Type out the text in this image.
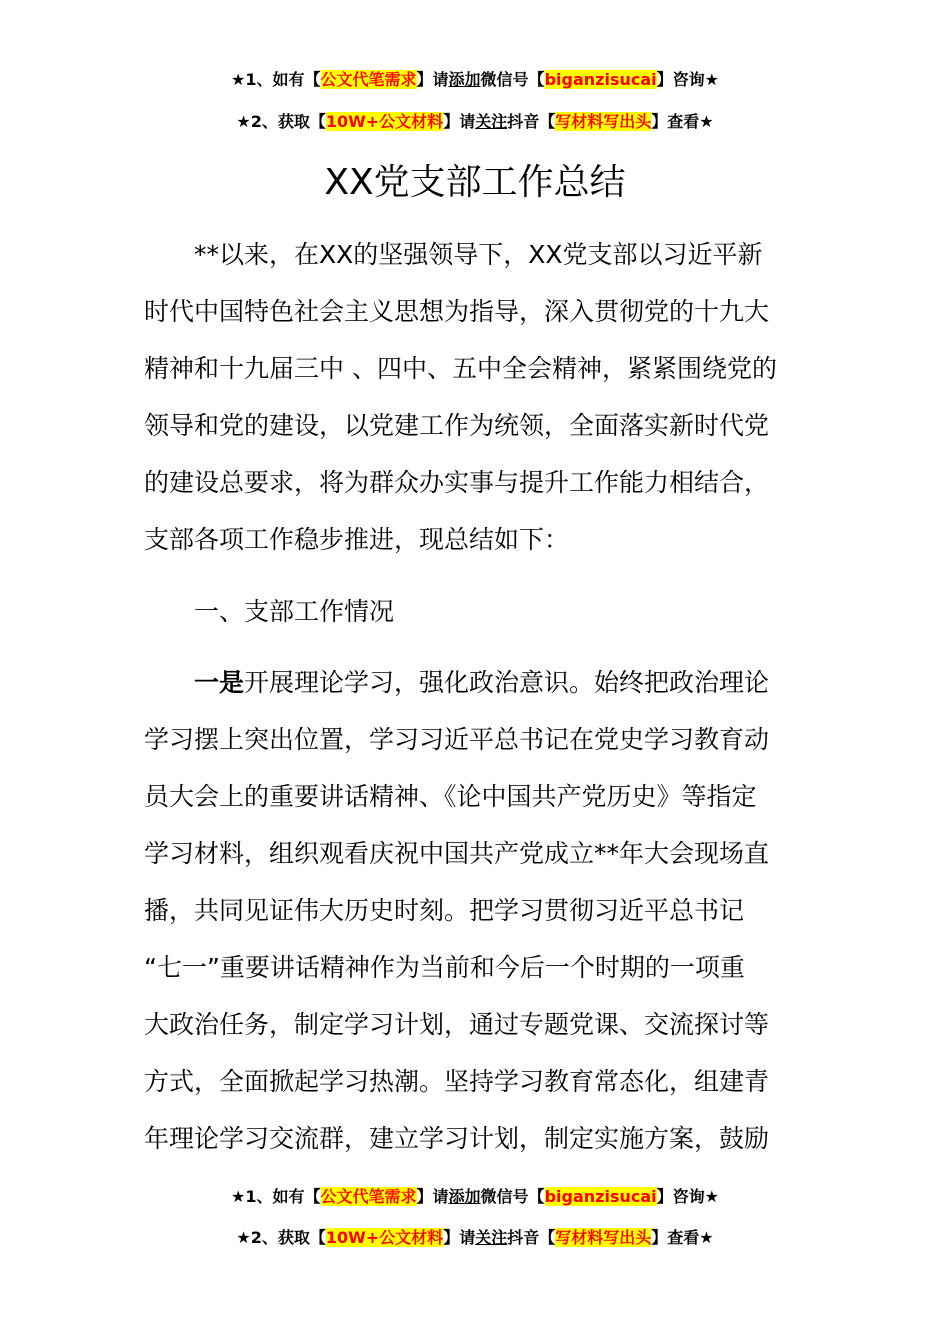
★1、如有【公文代笔需求】请添加微信号【biganzisucai】咨询★
★2、获取【10W+公文材料】请关注抖音【写材料写出头】查看★
XX党支部工作总结
**以来，在XX的坚强领导下，XX党支部以习近平新
时代中国特色社会主义思想为指导，深入贯彻党的十九大
精神和十九届三中 、四中、五中全会精神，紧紧围绕党的
领导和党的建设，以党建工作为统领，全面落实新时代党
的建设总要求，将为群众办实事与提升工作能力相结合，
支部各项工作稳步推进，现总结如下：
一、支部工作情况
一是开展理论学习，强化政治意识。始终把政治理论
学习摆上突出位置，学习习近平总书记在党史学习教育动
员大会上的重要讲话精神、《论中国共产党历史》等指定
学习材料，组织观看庆祝中国共产党成立**年大会现场直
播，共同见证伟大历史时刻。把学习贯彻习近平总书记
“七一”重要讲话精神作为当前和今后一个时期的一项重
大政治任务，制定学习计划，通过专题党课、交流探讨等
方式，全面掀起学习热潮。坚持学习教育常态化，组建青
年理论学习交流群，建立学习计划，制定实施方案，鼓励
★1、如有【公文代笔需求】请添加微信号【biganzisucai】咨询★
★2、获取【10W+公文材料】请关注抖音【写材料写出头】查看★
